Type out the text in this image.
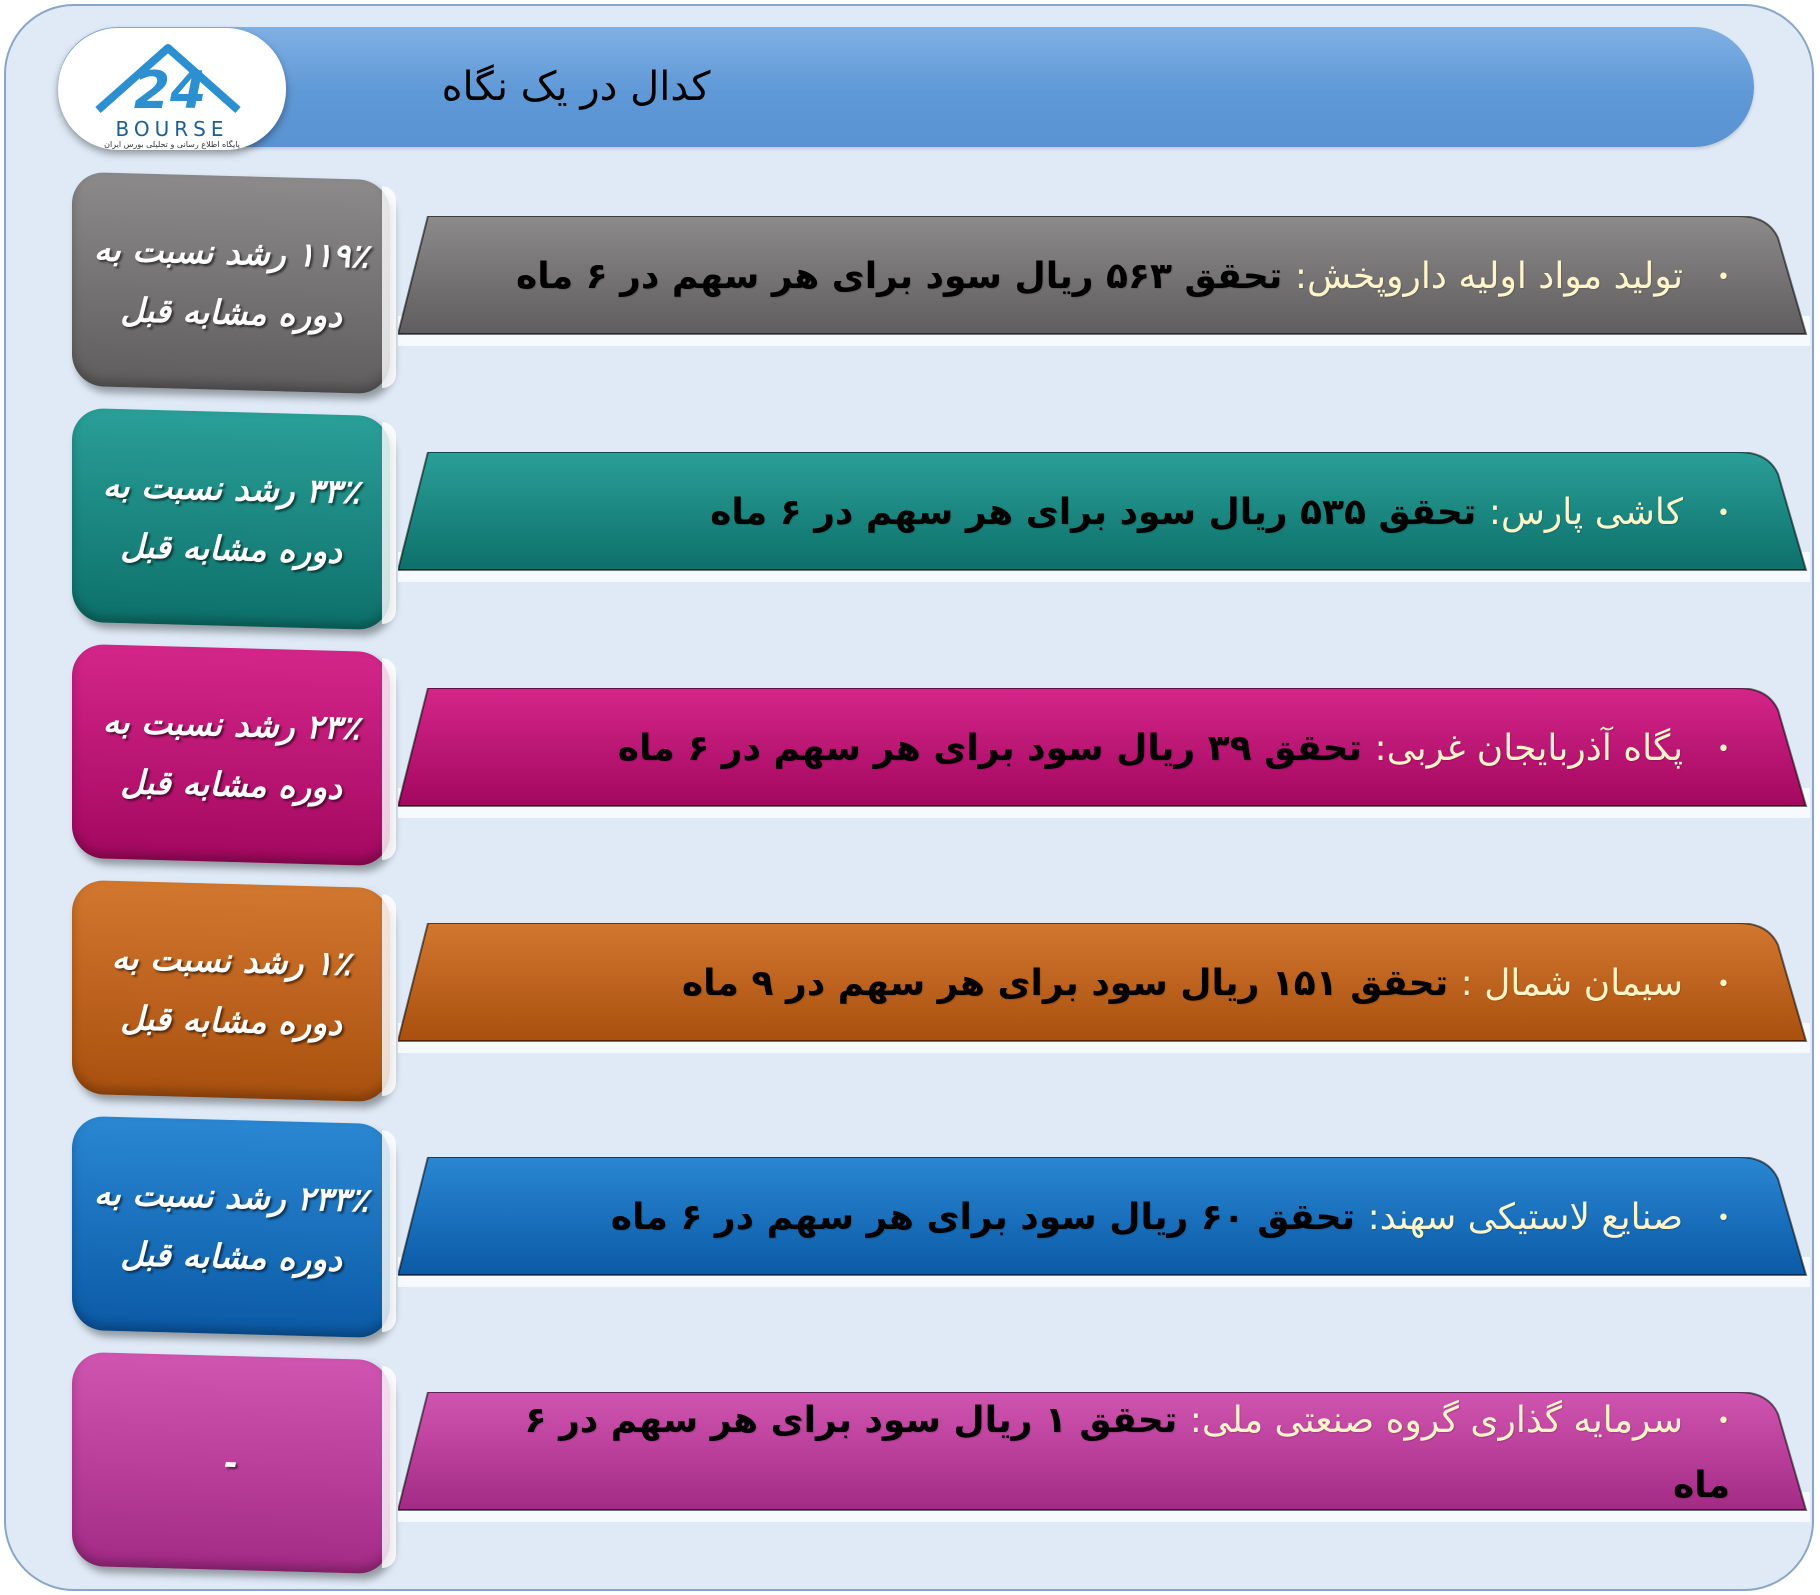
کدال در یک نگاه
24
BOURSE
پایگاه اطلاع رسانی و تحلیلی بورس ایران
۱۱۹٪ رشد نسبت به دوره مشابه قبل
•تولید مواد اولیه داروپخش: تحقق ۵۶۳ ریال سود برای هر سهم در ۶ ماه
۳۳٪ رشد نسبت به دوره مشابه قبل
•کاشی پارس: تحقق ۵۳۵ ریال سود برای هر سهم در ۶ ماه
۲۳٪ رشد نسبت به دوره مشابه قبل
•پگاه آذربایجان غربی: تحقق ۳۹ ریال سود برای هر سهم در ۶ ماه
۱٪ رشد نسبت به دوره مشابه قبل
•سیمان شمال : تحقق ۱۵۱ ریال سود برای هر سهم در ۹ ماه
۲۳۳٪ رشد نسبت به دوره مشابه قبل
•صنایع لاستیکی سهند: تحقق ۶۰ ریال سود برای هر سهم در ۶ ماه
-
•سرمایه گذاری گروه صنعتی ملی: تحقق ۱ ریال سود برای هر سهم در ۶ ماه
